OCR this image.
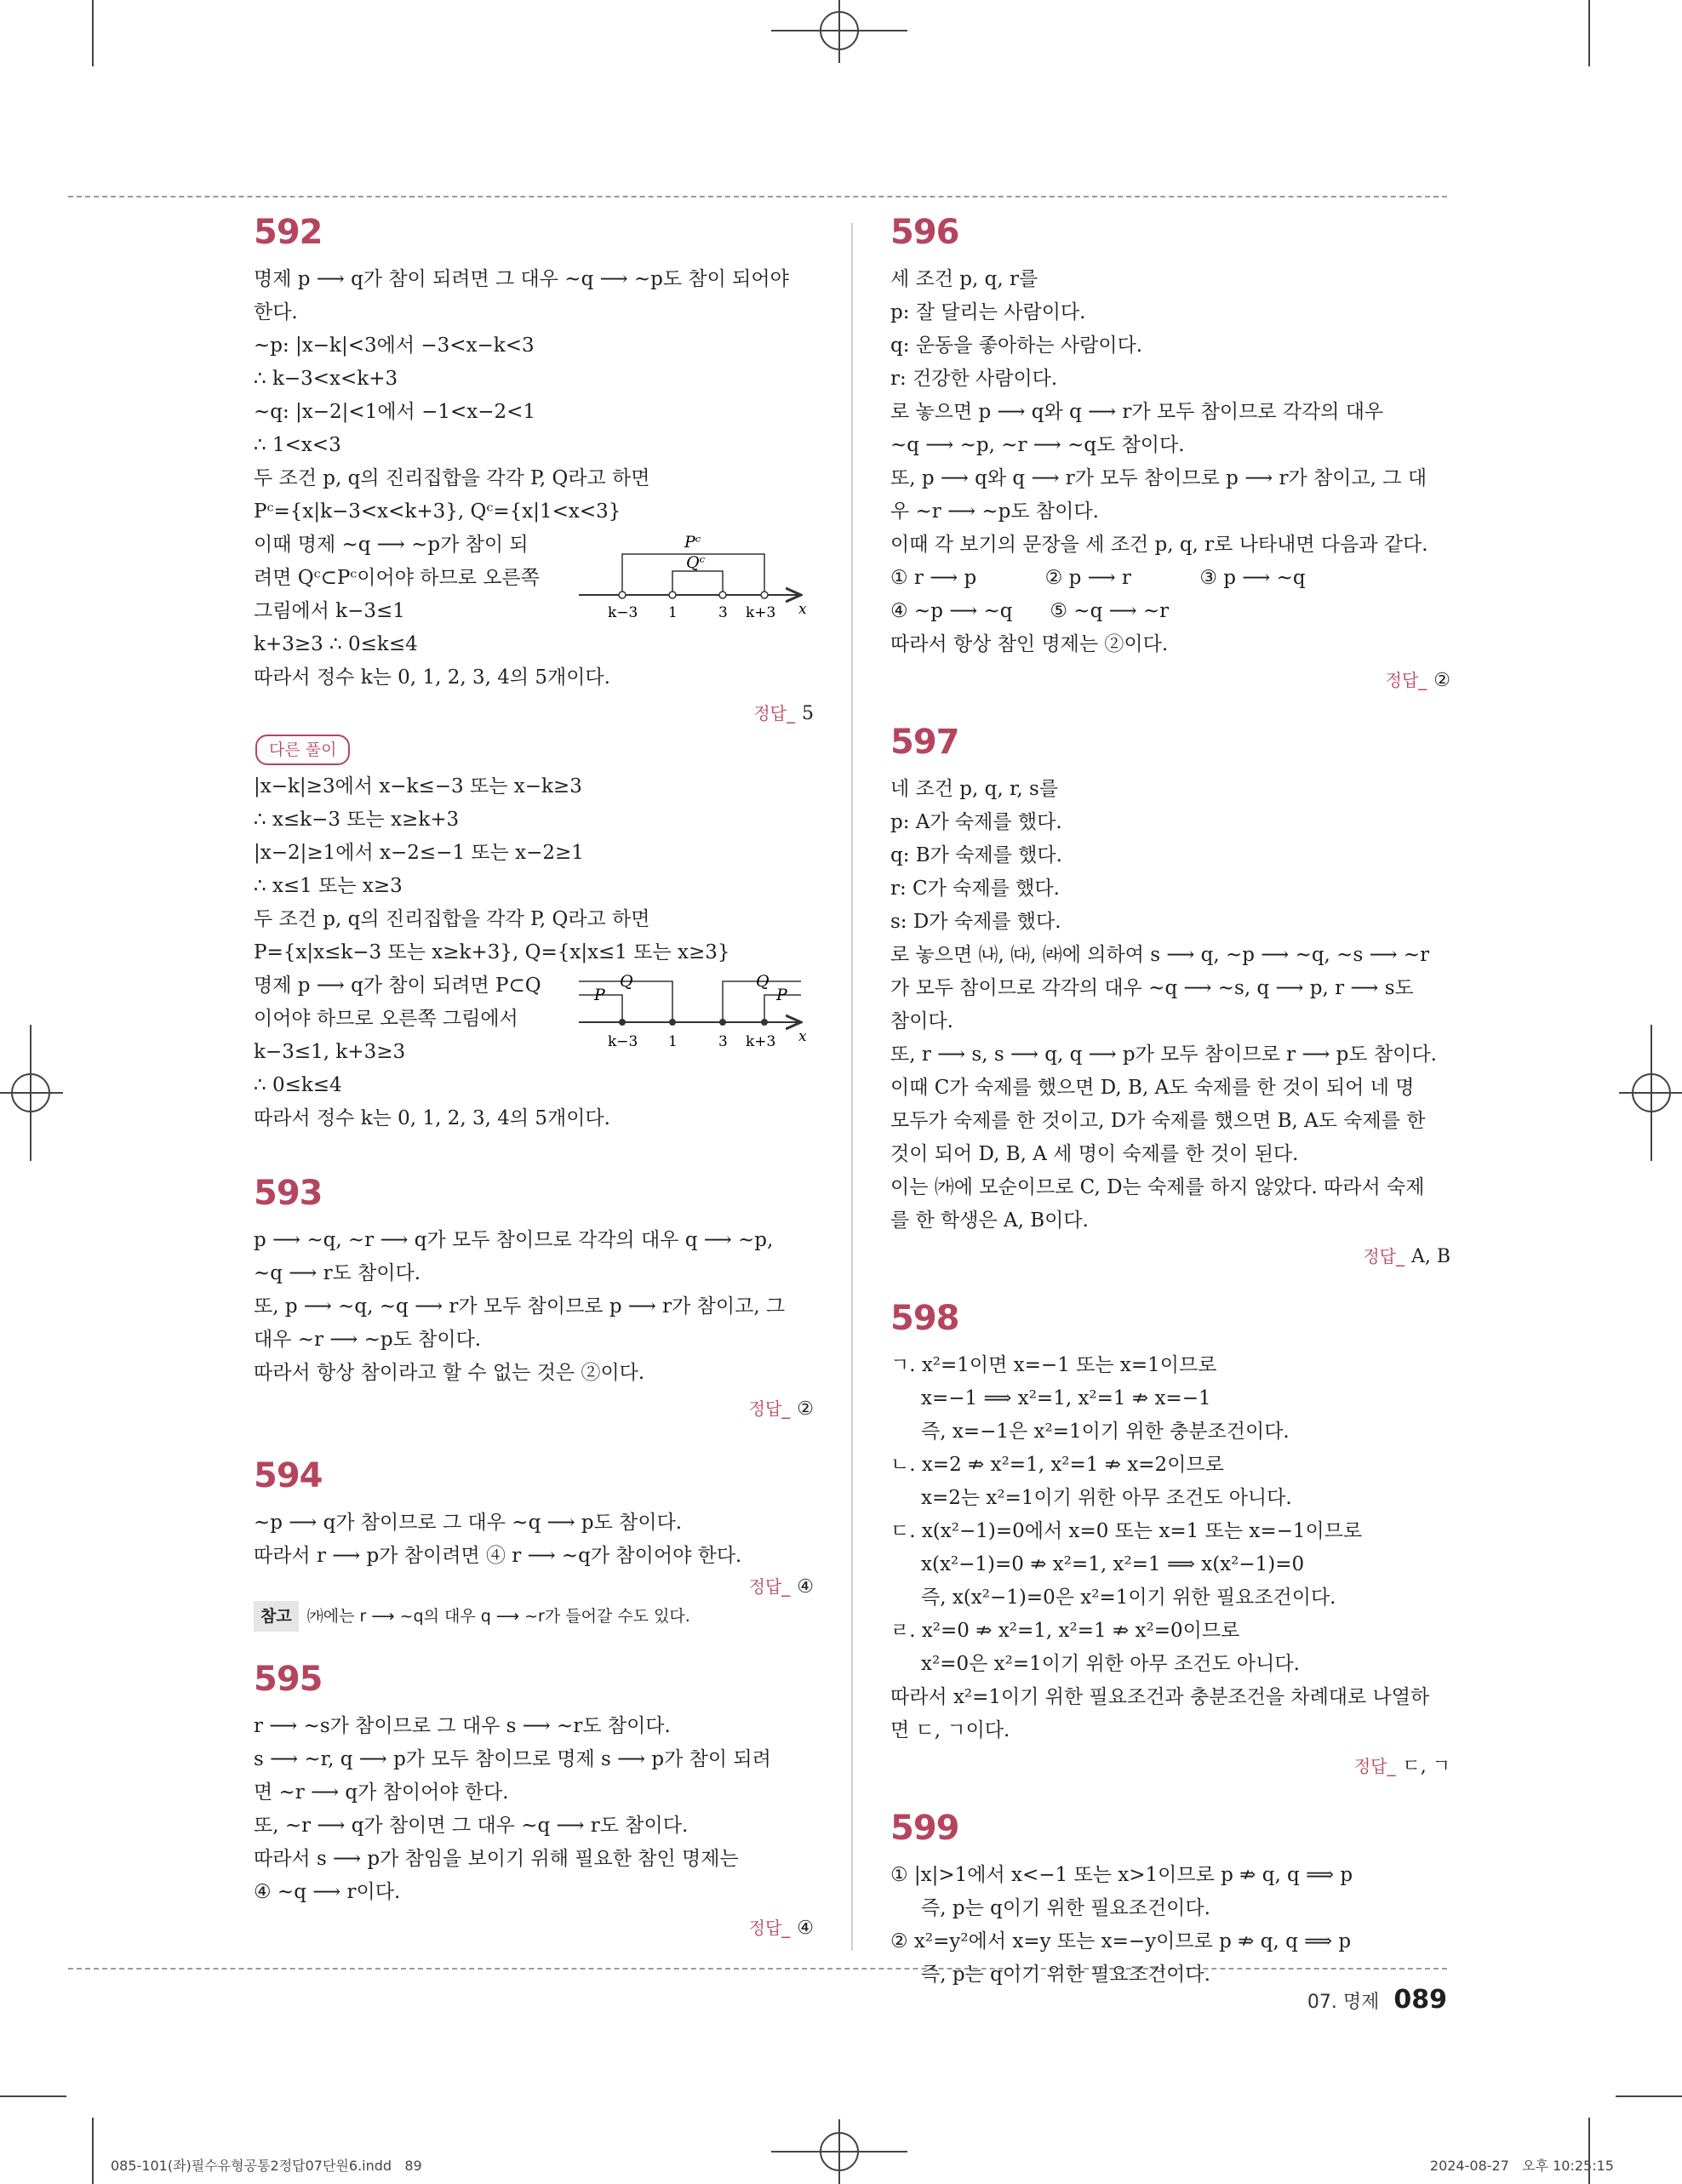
592
명제 p ⟶ q가 참이 되려면 그 대우 ~q ⟶ ~p도 참이 되어야
한다.
~p: |x−k|<3에서 −3<x−k<3
∴ k−3<x<k+3
~q: |x−2|<1에서 −1<x−2<1
∴ 1<x<3
두 조건 p, q의 진리집합을 각각 P, Q라고 하면
Pᶜ={x|k−3<x<k+3}, Qᶜ={x|1<x<3}
이때 명제 ~q ⟶ ~p가 참이 되
려면 Qᶜ⊂Pᶜ이어야 하므로 오른쪽
그림에서 k−3≤1
Pᶜ
Qᶜ
k−3 1	3 k+3 x
k+3≥3 ∴ 0≤k≤4
따라서 정수 k는 0, 1, 2, 3, 4의 5개이다.
정답_ 5
다른 풀이
|x−k|≥3에서 x−k≤−3 또는 x−k≥3
∴ x≤k−3 또는 x≥k+3
|x−2|≥1에서 x−2≤−1 또는 x−2≥1
∴ x≤1 또는 x≥3
두 조건 p, q의 진리집합을 각각 P, Q라고 하면
P={x|x≤k−3 또는 x≥k+3}, Q={x|x≤1 또는 x≥3}
명제 p ⟶ q가 참이 되려면 P⊂Q
이어야 하므로 오른쪽 그림에서
k−3≤1, k+3≥3
Q
P
Q
P
k−3 1	3 k+3 x
∴ 0≤k≤4
따라서 정수 k는 0, 1, 2, 3, 4의 5개이다.
593
p ⟶ ~q, ~r ⟶ q가 모두 참이므로 각각의 대우 q ⟶ ~p,
~q ⟶ r도 참이다.
또, p ⟶ ~q, ~q ⟶ r가 모두 참이므로 p ⟶ r가 참이고, 그
대우 ~r ⟶ ~p도 참이다.
따라서 항상 참이라고 할 수 없는 것은 ②이다.
정답_ ②
594
~p ⟶ q가 참이므로 그 대우 ~q ⟶ p도 참이다.
따라서 r ⟶ p가 참이려면 ④ r ⟶ ~q가 참이어야 한다.
정답_ ④
참고 ㈎에는 r ⟶ ~q의 대우 q ⟶ ~r가 들어갈 수도 있다.
595
r ⟶ ~s가 참이므로 그 대우 s ⟶ ~r도 참이다.
s ⟶ ~r, q ⟶ p가 모두 참이므로 명제 s ⟶ p가 참이 되려
면 ~r ⟶ q가 참이어야 한다.
또, ~r ⟶ q가 참이면 그 대우 ~q ⟶ r도 참이다.
따라서 s ⟶ p가 참임을 보이기 위해 필요한 참인 명제는
④ ~q ⟶ r이다.
정답_ ④
596
세 조건 p, q, r를
p: 잘 달리는 사람이다.
q: 운동을 좋아하는 사람이다.
r: 건강한 사람이다.
로 놓으면 p ⟶ q와 q ⟶ r가 모두 참이므로 각각의 대우
~q ⟶ ~p, ~r ⟶ ~q도 참이다.
또, p ⟶ q와 q ⟶ r가 모두 참이므로 p ⟶ r가 참이고, 그 대
우 ~r ⟶ ~p도 참이다.
이때 각 보기의 문장을 세 조건 p, q, r로 나타내면 다음과 같다.
① r ⟶ p           ② p ⟶ r           ③ p ⟶ ~q
④ ~p ⟶ ~q      ⑤ ~q ⟶ ~r
따라서 항상 참인 명제는 ②이다.
정답_ ②
597
네 조건 p, q, r, s를
p: A가 숙제를 했다.
q: B가 숙제를 했다.
r: C가 숙제를 했다.
s: D가 숙제를 했다.
로 놓으면 ㈏, ㈐, ㈑에 의하여 s ⟶ q, ~p ⟶ ~q, ~s ⟶ ~r
가 모두 참이므로 각각의 대우 ~q ⟶ ~s, q ⟶ p, r ⟶ s도
참이다.
또, r ⟶ s, s ⟶ q, q ⟶ p가 모두 참이므로 r ⟶ p도 참이다.
이때 C가 숙제를 했으면 D, B, A도 숙제를 한 것이 되어 네 명
모두가 숙제를 한 것이고, D가 숙제를 했으면 B, A도 숙제를 한
것이 되어 D, B, A 세 명이 숙제를 한 것이 된다.
이는 ㈎에 모순이므로 C, D는 숙제를 하지 않았다. 따라서 숙제
를 한 학생은 A, B이다.
정답_ A, B
598
ㄱ. x²=1이면 x=−1 또는 x=1이므로
x=−1 ⟹ x²=1, x²=1 ⇏ x=−1
즉, x=−1은 x²=1이기 위한 충분조건이다.
ㄴ. x=2 ⇏ x²=1, x²=1 ⇏ x=2이므로
x=2는 x²=1이기 위한 아무 조건도 아니다.
ㄷ. x(x²−1)=0에서 x=0 또는 x=1 또는 x=−1이므로
x(x²−1)=0 ⇏ x²=1, x²=1 ⟹ x(x²−1)=0
즉, x(x²−1)=0은 x²=1이기 위한 필요조건이다.
ㄹ. x²=0 ⇏ x²=1, x²=1 ⇏ x²=0이므로
x²=0은 x²=1이기 위한 아무 조건도 아니다.
따라서 x²=1이기 위한 필요조건과 충분조건을 차례대로 나열하
면 ㄷ, ㄱ이다.
정답_ ㄷ, ㄱ
599
① |x|>1에서 x<−1 또는 x>1이므로 p ⇏ q, q ⟹ p
즉, p는 q이기 위한 필요조건이다.
② x²=y²에서 x=y 또는 x=−y이므로 p ⇏ q, q ⟹ p
즉, p는 q이기 위한 필요조건이다.
07. 명제 089
085-101(좌)필수유형공통2정답07단원6.indd   89	2024-08-27   오후 10:25:15
